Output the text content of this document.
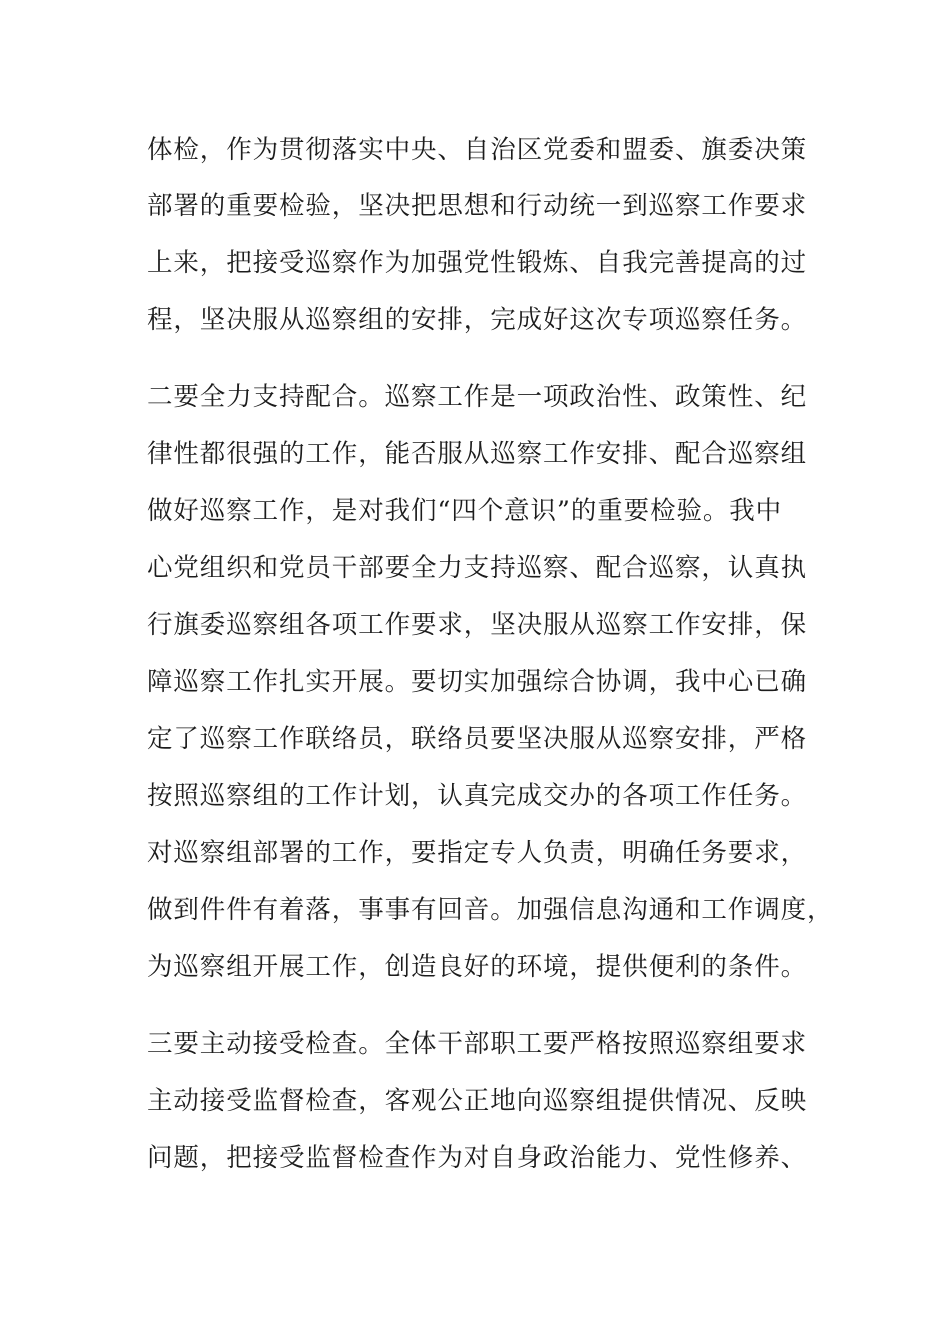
体检，作为贯彻落实中央、自治区党委和盟委、旗委决策
部署的重要检验，坚决把思想和行动统一到巡察工作要求
上来，把接受巡察作为加强党性锻炼、自我完善提高的过
程，坚决服从巡察组的安排，完成好这次专项巡察任务。
二要全力支持配合。巡察工作是一项政治性、政策性、纪
律性都很强的工作，能否服从巡察工作安排、配合巡察组
做好巡察工作，是对我们“四个意识”的重要检验。我中
心党组织和党员干部要全力支持巡察、配合巡察，认真执
行旗委巡察组各项工作要求，坚决服从巡察工作安排，保
障巡察工作扎实开展。要切实加强综合协调，我中心已确
定了巡察工作联络员，联络员要坚决服从巡察安排，严格
按照巡察组的工作计划，认真完成交办的各项工作任务。
对巡察组部署的工作，要指定专人负责，明确任务要求，
做到件件有着落，事事有回音。加强信息沟通和工作调度，
为巡察组开展工作，创造良好的环境，提供便利的条件。
三要主动接受检查。全体干部职工要严格按照巡察组要求
主动接受监督检查，客观公正地向巡察组提供情况、反映
问题，把接受监督检查作为对自身政治能力、党性修养、
